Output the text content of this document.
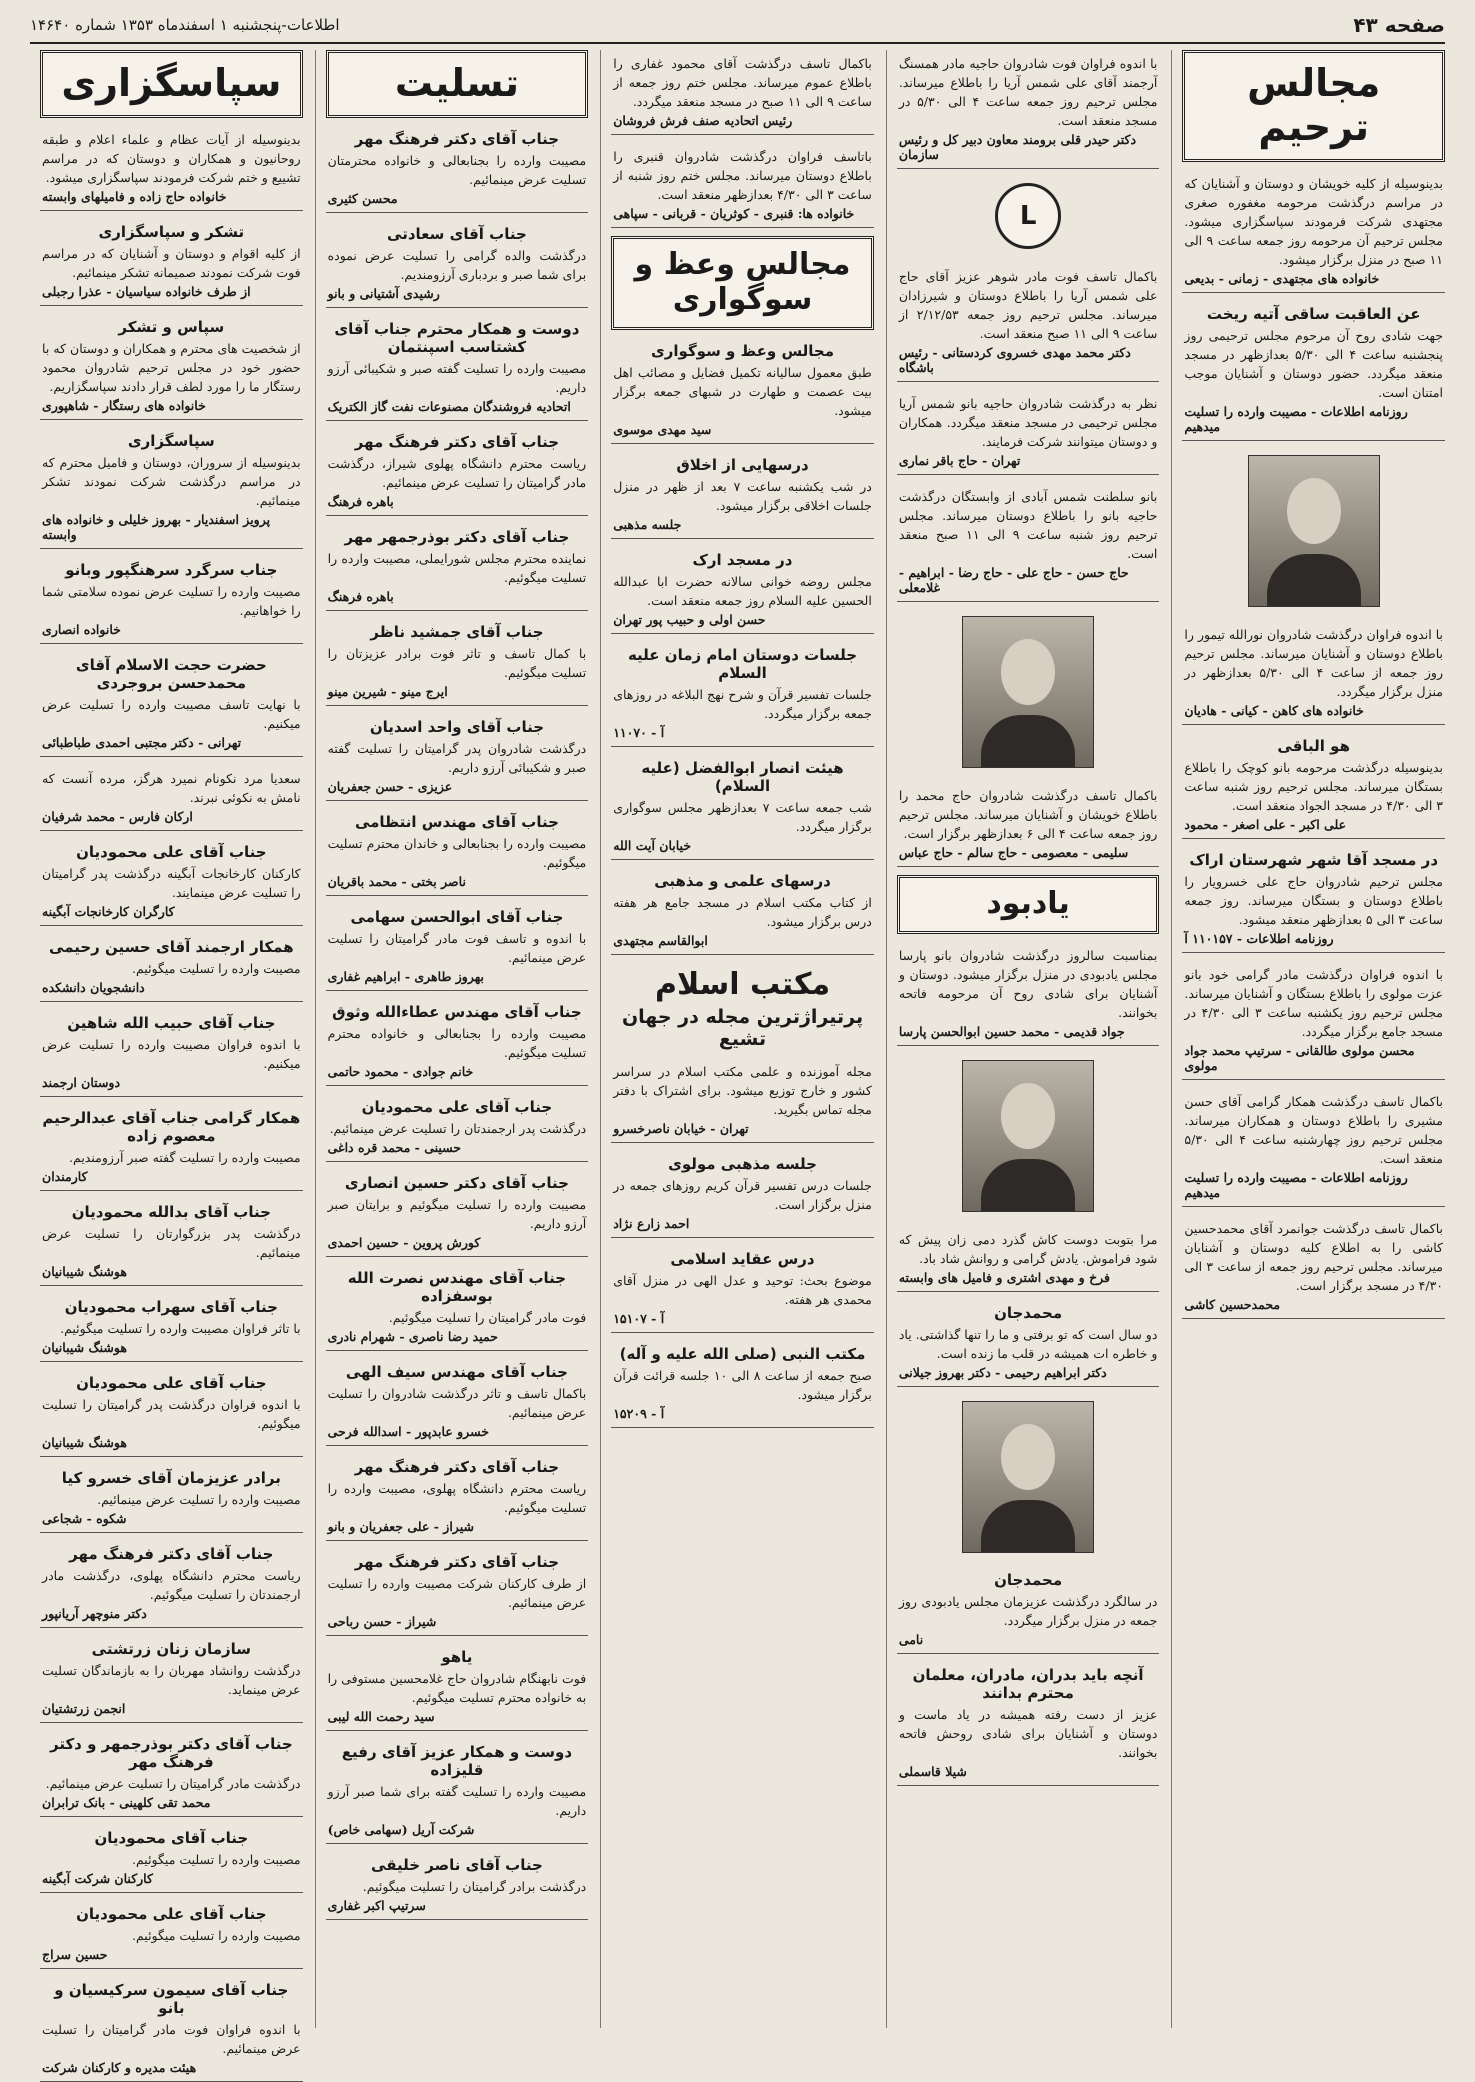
صفحه ۴۳
اطلاعات-پنجشنبه ۱ اسفندماه ۱۳۵۳ شماره ۱۴۶۴۰
مجالس ترحیم
بدینوسیله از کلیه خویشان و دوستان و آشنایان که در مراسم درگذشت مرحومه مغفوره صغری مجتهدی شرکت فرمودند سپاسگزاری میشود. مجلس ترحیم آن مرحومه روز جمعه ساعت ۹ الی ۱۱ صبح در منزل برگزار میشود.
خانواده های مجتهدی - زمانی - بدیعی
عن العاقبت ساقی آتیه ریخت
جهت شادی روح آن مرحوم مجلس ترحیمی روز پنجشنبه ساعت ۴ الی ۵/۳۰ بعدازظهر در مسجد منعقد میگردد. حضور دوستان و آشنایان موجب امتنان است.
روزنامه اطلاعات - مصیبت وارده را تسلیت میدهیم
با اندوه فراوان درگذشت شادروان نورالله تیمور را باطلاع دوستان و آشنایان میرساند. مجلس ترحیم روز جمعه از ساعت ۴ الی ۵/۳۰ بعدازظهر در منزل برگزار میگردد.
خانواده های کاهن - کیانی - هادیان
هو الباقی
بدینوسیله درگذشت مرحومه بانو کوچک را باطلاع بستگان میرساند. مجلس ترحیم روز شنبه ساعت ۳ الی ۴/۳۰ در مسجد الجواد منعقد است.
علی اکبر - علی اصغر - محمود
در مسجد آقا شهر شهرستان اراک
مجلس ترحیم شادروان حاج علی خسرویار را باطلاع دوستان و بستگان میرساند. روز جمعه ساعت ۳ الی ۵ بعدازظهر منعقد میشود.
روزنامه اطلاعات - ۱۱۰۱۵۷ آ
با اندوه فراوان درگذشت مادر گرامی خود بانو عزت مولوی را باطلاع بستگان و آشنایان میرساند. مجلس ترحیم روز یکشنبه ساعت ۳ الی ۴/۳۰ در مسجد جامع برگزار میگردد.
محسن مولوی طالقانی - سرتیپ محمد جواد مولوی
باکمال تاسف درگذشت همکار گرامی آقای حسن مشیری را باطلاع دوستان و همکاران میرساند. مجلس ترحیم روز چهارشنبه ساعت ۴ الی ۵/۳۰ منعقد است.
روزنامه اطلاعات - مصیبت وارده را تسلیت میدهیم
باکمال تاسف درگذشت جوانمرد آقای محمدحسین کاشی را به اطلاع کلیه دوستان و آشنایان میرساند. مجلس ترحیم روز جمعه از ساعت ۳ الی ۴/۳۰ در مسجد برگزار است.
محمدحسین کاشی
با اندوه فراوان فوت شادروان حاجیه مادر همسنگ آرجمند آقای علی شمس آریا را باطلاع میرساند. مجلس ترحیم روز جمعه ساعت ۴ الی ۵/۳۰ در مسجد منعقد است.
دکتر حیدر قلی برومند معاون دبیر کل و رئیس سازمان
L
باکمال تاسف فوت مادر شوهر عزیز آقای حاج علی شمس آریا را باطلاع دوستان و شیرزادان میرساند. مجلس ترحیم روز جمعه ۲/۱۲/۵۳ از ساعت ۹ الی ۱۱ صبح منعقد است.
دکتر محمد مهدی خسروی کردستانی - رئیس باشگاه
نظر به درگذشت شادروان حاجیه بانو شمس آریا مجلس ترحیمی در مسجد منعقد میگردد. همکاران و دوستان میتوانند شرکت فرمایند.
تهران - حاج باقر نماری
بانو سلطنت شمس آبادی از وابستگان درگذشت حاجیه بانو را باطلاع دوستان میرساند. مجلس ترحیم روز شنبه ساعت ۹ الی ۱۱ صبح منعقد است.
حاج حسن - حاج علی - حاج رضا - ابراهیم - غلامعلی
باکمال تاسف درگذشت شادروان حاج محمد را باطلاع خویشان و آشنایان میرساند. مجلس ترحیم روز جمعه ساعت ۴ الی ۶ بعدازظهر برگزار است.
سلیمی - معصومی - حاج سالم - حاج عباس
یادبود
بمناسبت سالروز درگذشت شادروان بانو پارسا مجلس یادبودی در منزل برگزار میشود. دوستان و آشنایان برای شادی روح آن مرحومه فاتحه بخوانند.
جواد قدیمی - محمد حسین ابوالحسن پارسا
مرا بتوبت دوست کاش گذرد دمی زان پیش که شود فراموش. یادش گرامی و روانش شاد باد.
فرخ و مهدی اشتری و فامیل های وابسته
محمدجان
دو سال است که تو برفتی و ما را تنها گذاشتی. یاد و خاطره ات همیشه در قلب ما زنده است.
دکتر ابراهیم رحیمی - دکتر بهروز جیلانی
محمدجان
در سالگرد درگذشت عزیزمان مجلس یادبودی روز جمعه در منزل برگزار میگردد.
نامی
آنچه باید بدران، مادران، معلمان محترم بدانند
عزیز از دست رفته همیشه در یاد ماست و دوستان و آشنایان برای شادی روحش فاتحه بخوانند.
شیلا قاسملی
باکمال تاسف درگذشت آقای محمود غفاری را باطلاع عموم میرساند. مجلس ختم روز جمعه از ساعت ۹ الی ۱۱ صبح در مسجد منعقد میگردد.
رئیس اتحادیه صنف فرش فروشان
باتاسف فراوان درگذشت شادروان قنبری را باطلاع دوستان میرساند. مجلس ختم روز شنبه از ساعت ۳ الی ۴/۳۰ بعدازظهر منعقد است.
خانواده ها: قنبری - کوثریان - قربانی - سپاهی
مجالس وعظ و سوگواری
مجالس وعظ و سوگواری
طبق معمول سالیانه تکمیل فضایل و مصائب اهل بیت عصمت و طهارت در شبهای جمعه برگزار میشود.
سید مهدی موسوی
درسهایی از اخلاق
در شب یکشنبه ساعت ۷ بعد از ظهر در منزل جلسات اخلاقی برگزار میشود.
جلسه مذهبی
در مسجد ارک
مجلس روضه خوانی سالانه حضرت ابا عبدالله الحسین علیه السلام روز جمعه منعقد است.
حسن اولی و حبیب پور تهران
جلسات دوستان امام زمان علیه السلام
جلسات تفسیر قرآن و شرح نهج البلاغه در روزهای جمعه برگزار میگردد.
آ - ۱۱۰۷۰
هیئت انصار ابوالفضل (علیه السلام)
شب جمعه ساعت ۷ بعدازظهر مجلس سوگواری برگزار میگردد.
خیابان آیت الله
درسهای علمی و مذهبی
از کتاب مکتب اسلام در مسجد جامع هر هفته درس برگزار میشود.
ابوالقاسم مجتهدی
مکتب اسلام
پرتیراژترین مجله در جهان تشیع
مجله آموزنده و علمی مکتب اسلام در سراسر کشور و خارج توزیع میشود. برای اشتراک با دفتر مجله تماس بگیرید.
تهران - خیابان ناصرخسرو
جلسه مذهبی مولوی
جلسات درس تفسیر قرآن کریم روزهای جمعه در منزل برگزار است.
احمد زارع نژاد
درس عقاید اسلامی
موضوع بحث: توحید و عدل الهی در منزل آقای محمدی هر هفته.
آ - ۱۵۱۰۷
مکتب النبی (صلی الله علیه و آله)
صبح جمعه از ساعت ۸ الی ۱۰ جلسه قرائت قرآن برگزار میشود.
آ - ۱۵۲۰۹
تسلیت
جناب آقای دکتر فرهنگ مهر
مصیبت وارده را بجنابعالی و خانواده محترمتان تسلیت عرض مینمائیم.
محسن کثیری
جناب آقای سعادتی
درگذشت والده گرامی را تسلیت عرض نموده برای شما صبر و بردباری آرزومندیم.
رشیدی آشتیانی و بانو
دوست و همکار محترم جناب آقای کشتاسب اسپنتمان
مصیبت وارده را تسلیت گفته صبر و شکیبائی آرزو داریم.
اتحادیه فروشندگان مصنوعات نفت گاز الکتریک
جناب آقای دکتر فرهنگ مهر
ریاست محترم دانشگاه پهلوی شیراز، درگذشت مادر گرامیتان را تسلیت عرض مینمائیم.
باهره فرهنگ
جناب آقای دکتر بوذرجمهر مهر
نماینده محترم مجلس شورایملی، مصیبت وارده را تسلیت میگوئیم.
باهره فرهنگ
جناب آقای جمشید ناظر
با کمال تاسف و تاثر فوت برادر عزیزتان را تسلیت میگوئیم.
ایرج مینو - شیرین مینو
جناب آقای واحد اسدیان
درگذشت شادروان پدر گرامیتان را تسلیت گفته صبر و شکیبائی آرزو داریم.
عزیزی - حسن جعفریان
جناب آقای مهندس انتظامی
مصیبت وارده را بجنابعالی و خاندان محترم تسلیت میگوئیم.
ناصر بختی - محمد باقریان
جناب آقای ابوالحسن سهامی
با اندوه و تاسف فوت مادر گرامیتان را تسلیت عرض مینمائیم.
بهروز طاهری - ابراهیم غفاری
جناب آقای مهندس عطاءالله وثوق
مصیبت وارده را بجنابعالی و خانواده محترم تسلیت میگوئیم.
خانم جوادی - محمود حاتمی
جناب آقای علی محمودیان
درگذشت پدر ارجمندتان را تسلیت عرض مینمائیم.
حسینی - محمد قره داغی
جناب آقای دکتر حسین انصاری
مصیبت وارده را تسلیت میگوئیم و برایتان صبر آرزو داریم.
کورش پروین - حسین احمدی
جناب آقای مهندس نصرت الله بوسفزاده
فوت مادر گرامیتان را تسلیت میگوئیم.
حمید رضا ناصری - شهرام نادری
جناب آقای مهندس سیف الهی
باکمال تاسف و تاثر درگذشت شادروان را تسلیت عرض مینمائیم.
خسرو عابدپور - اسدالله فرحی
جناب آقای دکتر فرهنگ مهر
ریاست محترم دانشگاه پهلوی، مصیبت وارده را تسلیت میگوئیم.
شیراز - علی جعفریان و بانو
جناب آقای دکتر فرهنگ مهر
از طرف کارکنان شرکت مصیبت وارده را تسلیت عرض مینمائیم.
شیراز - حسن رباحی
یاهو
فوت نابهنگام شادروان حاج غلامحسین مستوفی را به خانواده محترم تسلیت میگوئیم.
سید رحمت الله لیبی
دوست و همکار عزیز آقای رفیع قلیزاده
مصیبت وارده را تسلیت گفته برای شما صبر آرزو داریم.
شرکت آریل (سهامی خاص)
جناب آقای ناصر خلیقی
درگذشت برادر گرامیتان را تسلیت میگوئیم.
سرتیپ اکبر غفاری
سپاسگزاری
بدینوسیله از آیات عظام و علماء اعلام و طبقه روحانیون و همکاران و دوستان که در مراسم تشییع و ختم شرکت فرمودند سپاسگزاری میشود.
خانواده حاج زاده و فامیلهای وابسته
تشکر و سپاسگزاری
از کلیه اقوام و دوستان و آشنایان که در مراسم فوت شرکت نمودند صمیمانه تشکر مینمائیم.
از طرف خانواده سیاسیان - عذرا رجبلی
سپاس و تشکر
از شخصیت های محترم و همکاران و دوستان که با حضور خود در مجلس ترحیم شادروان محمود رستگار ما را مورد لطف قرار دادند سپاسگزاریم.
خانواده های رستگار - شاهپوری
سپاسگزاری
بدینوسیله از سروران، دوستان و فامیل محترم که در مراسم درگذشت شرکت نمودند تشکر مینمائیم.
پرویز اسفندیار - بهروز خلیلی و خانواده های وابسته
جناب سرگرد سرهنگپور وبانو
مصیبت وارده را تسلیت عرض نموده سلامتی شما را خواهانیم.
خانواده انصاری
حضرت حجت الاسلام آقای محمدحسن بروجردی
با نهایت تاسف مصیبت وارده را تسلیت عرض میکنیم.
تهرانی - دکتر مجتبی احمدی طباطبائی
سعدیا مرد نکونام نمیرد هرگز، مرده آنست که نامش به نکوئی نبرند.
ارکان فارس - محمد شرفیان
جناب آقای علی محمودیان
کارکنان کارخانجات آبگینه درگذشت پدر گرامیتان را تسلیت عرض مینمایند.
کارگران کارخانجات آبگینه
همکار ارجمند آقای حسین رحیمی
مصیبت وارده را تسلیت میگوئیم.
دانشجویان دانشکده
جناب آقای حبیب الله شاهین
با اندوه فراوان مصیبت وارده را تسلیت عرض میکنیم.
دوستان ارجمند
همکار گرامی جناب آقای عبدالرحیم معصوم زاده
مصیبت وارده را تسلیت گفته صبر آرزومندیم.
کارمندان
جناب آقای بدالله محمودیان
درگذشت پدر بزرگوارتان را تسلیت عرض مینمائیم.
هوشنگ شیبانیان
جناب آقای سهراب محمودیان
با تاثر فراوان مصیبت وارده را تسلیت میگوئیم.
هوشنگ شیبانیان
جناب آقای علی محمودیان
با اندوه فراوان درگذشت پدر گرامیتان را تسلیت میگوئیم.
هوشنگ شیبانیان
برادر عزیزمان آقای خسرو کیا
مصیبت وارده را تسلیت عرض مینمائیم.
شکوه - شجاعی
جناب آقای دکتر فرهنگ مهر
ریاست محترم دانشگاه پهلوی، درگذشت مادر ارجمندتان را تسلیت میگوئیم.
دکتر منوچهر آریانپور
سازمان زنان زرتشتی
درگذشت روانشاد مهربان را به بازماندگان تسلیت عرض مینماید.
انجمن زرتشتیان
جناب آقای دکتر بوذرجمهر و دکتر فرهنگ مهر
درگذشت مادر گرامیتان را تسلیت عرض مینمائیم.
محمد تقی کلهینی - بانک ترابران
جناب آقای محمودیان
مصیبت وارده را تسلیت میگوئیم.
کارکنان شرکت آبگینه
جناب آقای علی محمودیان
مصیبت وارده را تسلیت میگوئیم.
حسین سراج
جناب آقای سیمون سرکیسیان و بانو
با اندوه فراوان فوت مادر گرامیتان را تسلیت عرض مینمائیم.
هیئت مدیره و کارکنان شرکت
